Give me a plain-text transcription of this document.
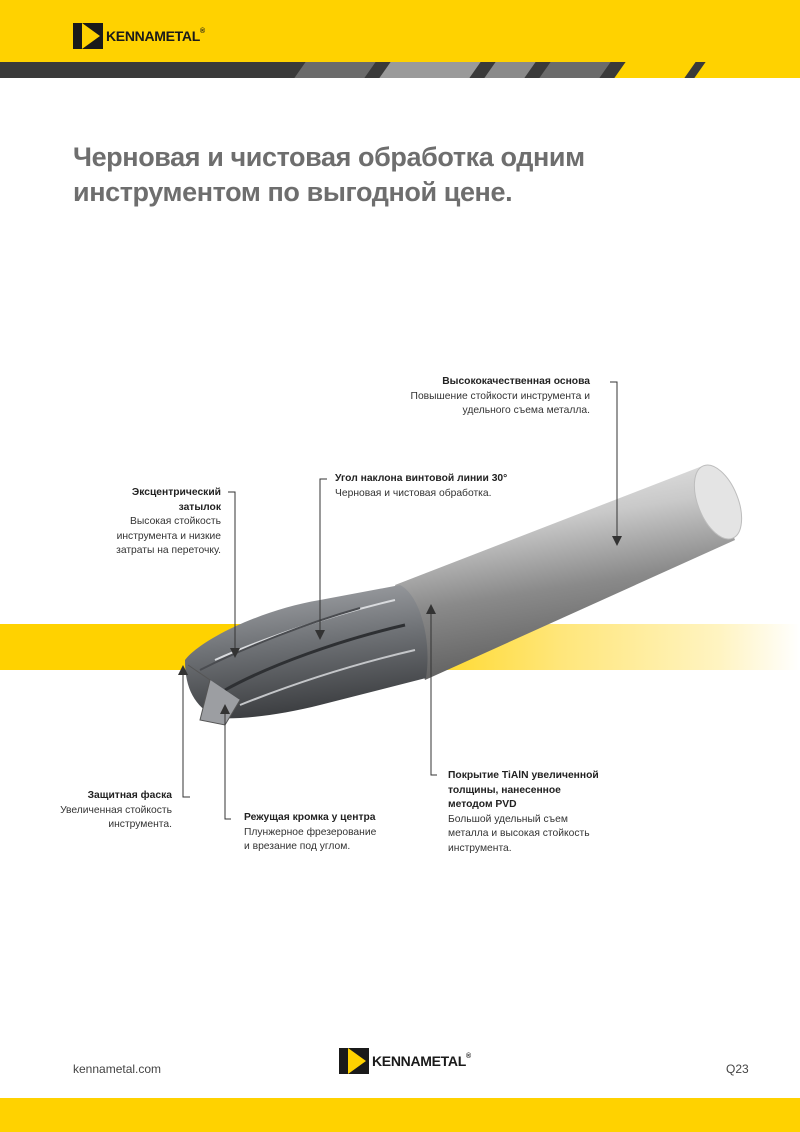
KENNAMETAL®
Черновая и чистовая обработка одним
инструментом по выгодной цене.
Высококачественная основа
Повышение стойкости инструмента и
удельного съема металла.
Угол наклона винтовой линии 30°
Черновая и чистовая обработка.
Эксцентрический
затылок
Высокая стойкость
инструмента и низкие
затраты на переточку.
Защитная фаска
Увеличенная стойкость
инструмента.
Режущая кромка у центра
Плунжерное фрезерование
и врезание под углом.
Покрытие TiAlN увеличенной
толщины, нанесенное
методом PVD
Большой удельный съем
металла и высокая стойкость
инструмента.
kennametal.com	KENNAMETAL®
Q23
